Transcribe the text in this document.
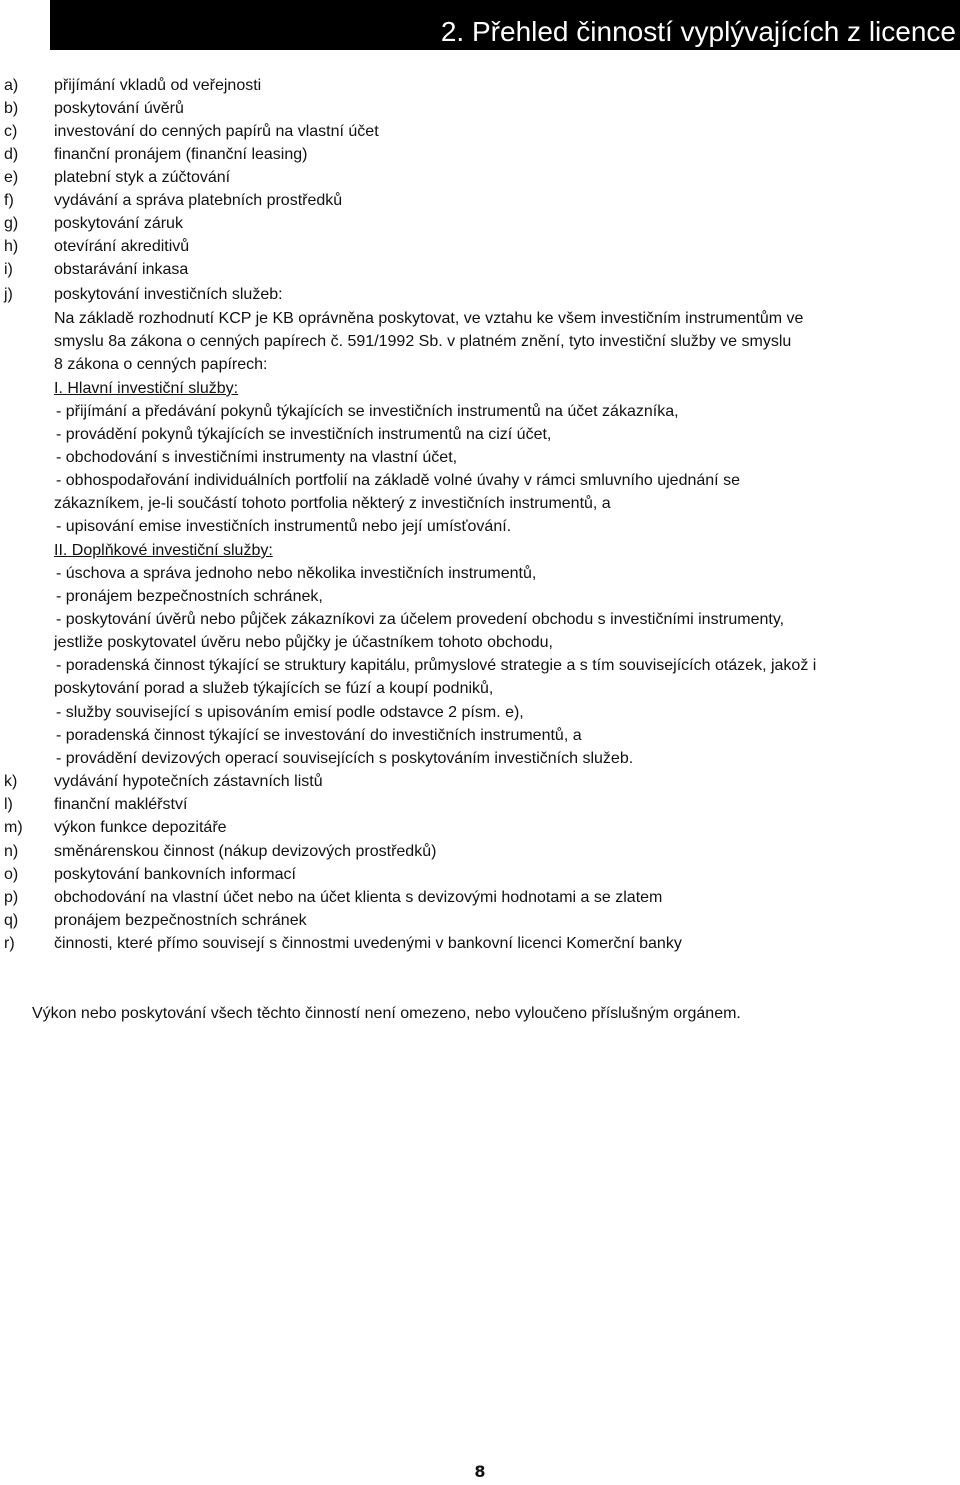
2. Přehled činností vyplývajících z licence
a) přijímání vkladů od veřejnosti
b) poskytování úvěrů
c) investování do cenných papírů na vlastní účet
d) finanční pronájem (finanční leasing)
e) platební styk a zúčtování
f)	vydávání a správa platebních prostředků
g) poskytování záruk
h) otevírání akreditivů
i)	obstarávání inkasa
j)	poskytování investičních služeb:
Na základě rozhodnutí KCP je KB oprávněna poskytovat, ve vztahu ke všem investičním instrumentům ve
smyslu 8a zákona o cenných papírech č. 591/1992 Sb. v platném znění, tyto investiční služby ve smyslu
8 zákona o cenných papírech:
I. Hlavní investiční služby:
- přijímání a předávání pokynů týkajících se investičních instrumentů na účet zákazníka,
- provádění pokynů týkajících se investičních instrumentů na cizí účet,
- obchodování s investičními instrumenty na vlastní účet,
- obhospodařování individuálních portfolií na základě volné úvahy v rámci smluvního ujednání se
zákazníkem, je-li součástí tohoto portfolia některý z investičních instrumentů, a
- upisování emise investičních instrumentů nebo její umísťování.
II. Doplňkové investiční služby:
- úschova a správa jednoho nebo několika investičních instrumentů,
- pronájem bezpečnostních schránek,
- poskytování úvěrů nebo půjček zákazníkovi za účelem provedení obchodu s investičními instrumenty,
jestliže poskytovatel úvěru nebo půjčky je účastníkem tohoto obchodu,
- poradenská činnost týkající se struktury kapitálu, průmyslové strategie a s tím souvisejících otázek, jakož i
poskytování porad a služeb týkajících se fúzí a koupí podniků,
- služby související s upisováním emisí podle odstavce 2 písm. e),
- poradenská činnost týkající se investování do investičních instrumentů, a
- provádění devizových operací souvisejících s poskytováním investičních služeb.
k) vydávání hypotečních zástavních listů
l)	finanční makléřství
m) výkon funkce depozitáře
n) směnárenskou činnost (nákup devizových prostředků)
o) poskytování bankovních informací
p) obchodování na vlastní účet nebo na účet klienta s devizovými hodnotami a se zlatem
q) pronájem bezpečnostních schránek
r) činnosti, které přímo souvisejí s činnostmi uvedenými v bankovní licenci Komerční banky
Výkon nebo poskytování všech těchto činností není omezeno, nebo vyloučeno příslušným orgánem.
8
